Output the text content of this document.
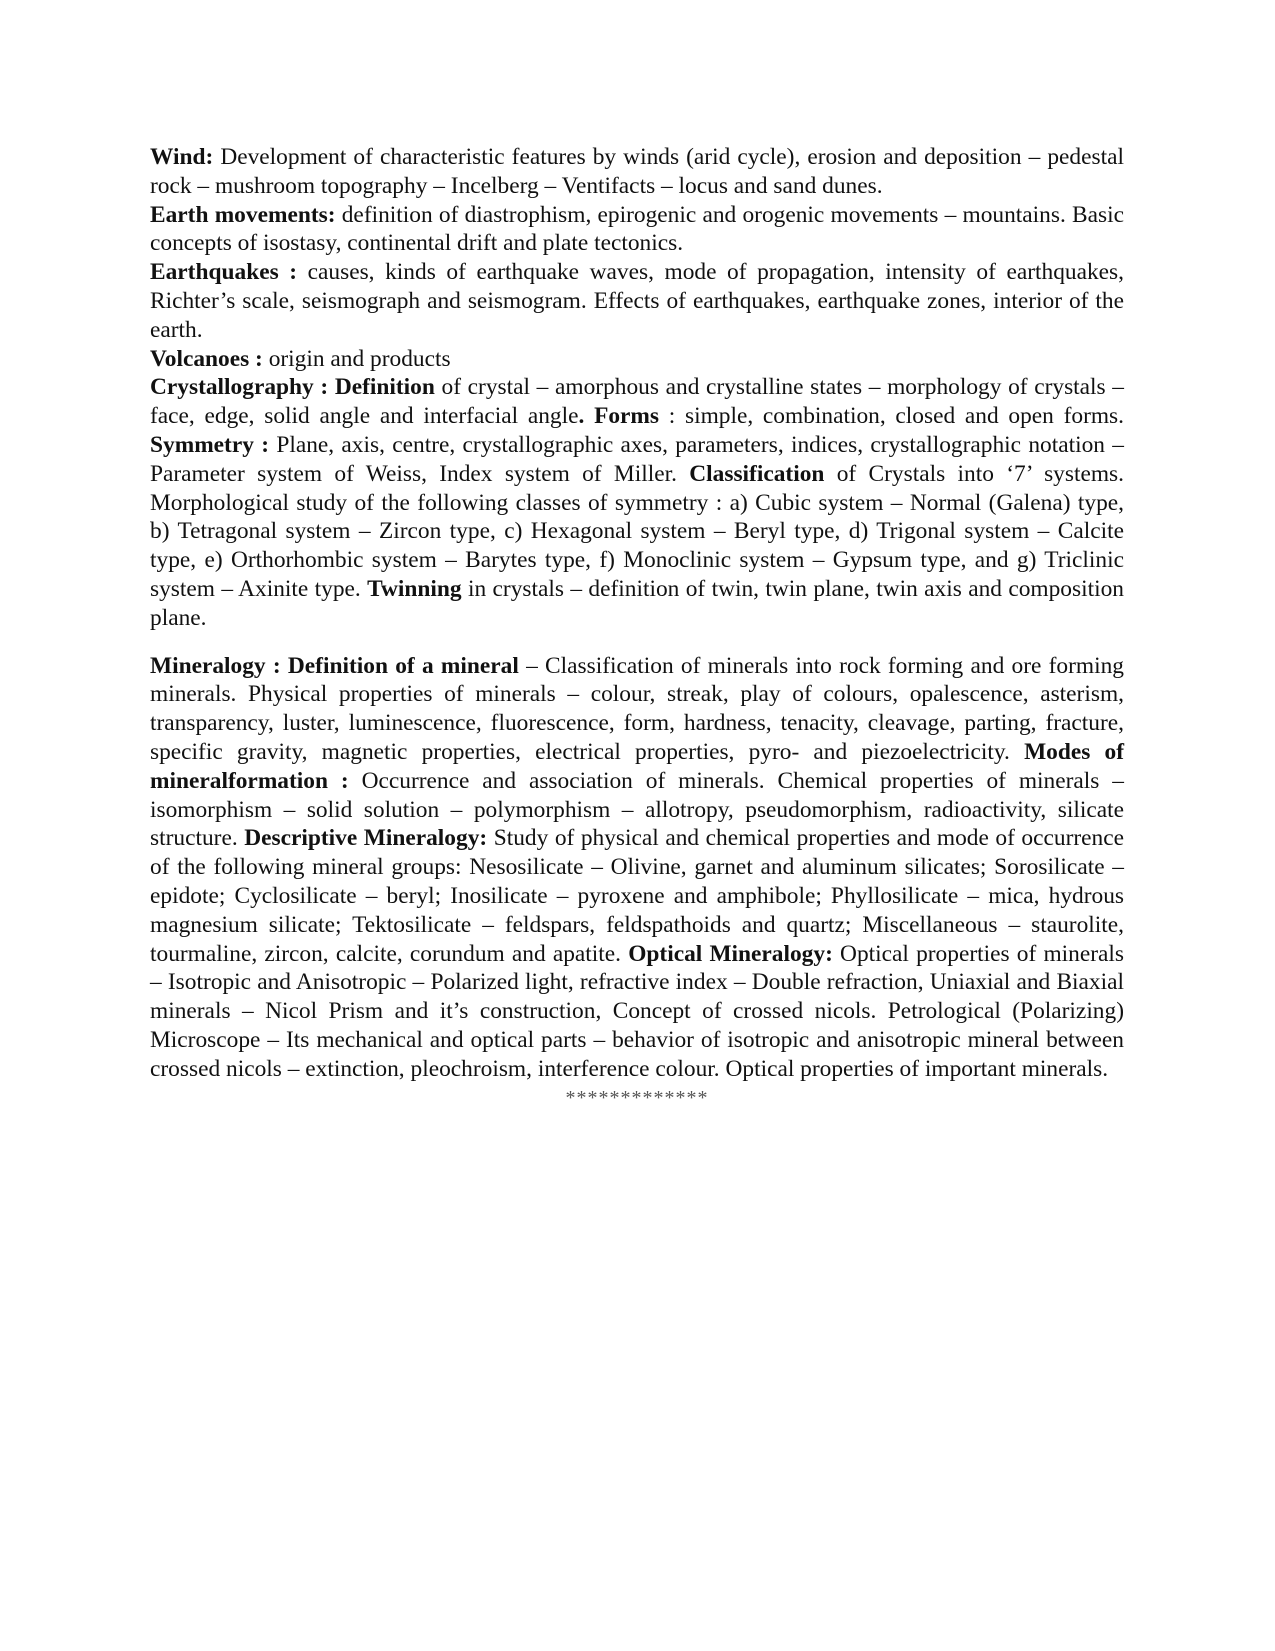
Wind: Development of characteristic features by winds (arid cycle), erosion and deposition – pedestal rock – mushroom topography – Incelberg – Ventifacts – locus and sand dunes.

Earth movements: definition of diastrophism, epirogenic and orogenic movements – mountains. Basic concepts of isostasy, continental drift and plate tectonics.

Earthquakes : causes, kinds of earthquake waves, mode of propagation, intensity of earthquakes, Richter’s scale, seismograph and seismogram. Effects of earthquakes, earthquake zones, interior of the earth.

Volcanoes : origin and products

Crystallography : Definition of crystal – amorphous and crystalline states – morphology of crystals – face, edge, solid angle and interfacial angle. Forms : simple, combination, closed and open forms. Symmetry : Plane, axis, centre, crystallographic axes, parameters, indices, crystallographic notation – Parameter system of Weiss, Index system of Miller. Classification of Crystals into ‘7’ systems. Morphological study of the following classes of symmetry : a) Cubic system – Normal (Galena) type, b) Tetragonal system – Zircon type, c) Hexagonal system – Beryl type, d) Trigonal system – Calcite type, e) Orthorhombic system – Barytes type, f) Monoclinic system – Gypsum type, and g) Triclinic system – Axinite type. Twinning in crystals – definition of twin, twin plane, twin axis and composition plane.

Mineralogy : Definition of a mineral – Classification of minerals into rock forming and ore forming minerals. Physical properties of minerals – colour, streak, play of colours, opalescence, asterism, transparency, luster, luminescence, fluorescence, form, hardness, tenacity, cleavage, parting, fracture, specific gravity, magnetic properties, electrical properties, pyro- and piezoelectricity. Modes of mineralformation : Occurrence and association of minerals. Chemical properties of minerals – isomorphism – solid solution – polymorphism – allotropy, pseudomorphism, radioactivity, silicate structure. Descriptive Mineralogy: Study of physical and chemical properties and mode of occurrence of the following mineral groups: Nesosilicate – Olivine, garnet and aluminum silicates; Sorosilicate – epidote; Cyclosilicate – beryl; Inosilicate – pyroxene and amphibole; Phyllosilicate – mica, hydrous magnesium silicate; Tektosilicate – feldspars, feldspathoids and quartz; Miscellaneous – staurolite, tourmaline, zircon, calcite, corundum and apatite. Optical Mineralogy: Optical properties of minerals – Isotropic and Anisotropic – Polarized light, refractive index – Double refraction, Uniaxial and Biaxial minerals – Nicol Prism and it’s construction, Concept of crossed nicols. Petrological (Polarizing) Microscope – Its mechanical and optical parts – behavior of isotropic and anisotropic mineral between crossed nicols – extinction, pleochroism, interference colour. Optical properties of important minerals.

*************
